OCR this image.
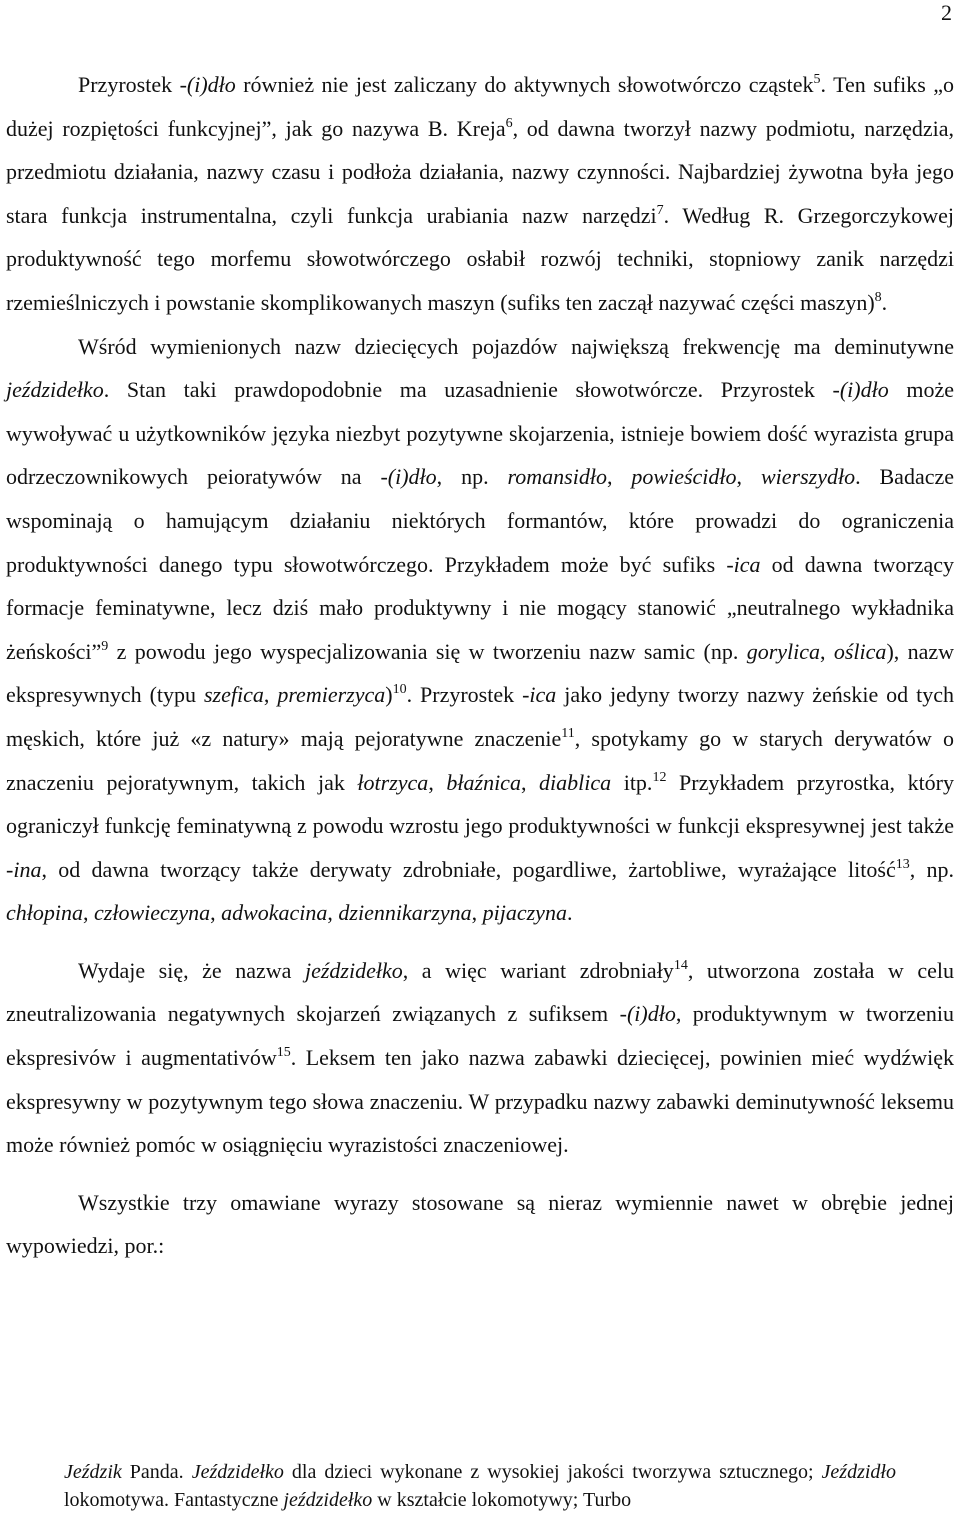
2

Przyrostek -(i)dło również nie jest zaliczany do aktywnych słowotwórczo cząstek$^5$. Ten sufiks „o dużej rozpiętości funkcyjnej”, jak go nazywa B. Kreja$^6$, od dawna tworzył nazwy podmiotu, narzędzia, przedmiotu działania, nazwy czasu i podłoża działania, nazwy czynności. Najbardziej żywotna była jego stara funkcja instrumentalna, czyli funkcja urabiania nazw narzędzi$^7$. Według R. Grzegorczykowej produktywność tego morfemu słowotwórczego osłabił rozwój techniki, stopniowy zanik narzędzi rzemieślniczych i powstanie skomplikowanych maszyn (sufiks ten zaczął nazywać części maszyn)$^8$.

Wśród wymienionych nazw dziecięcych pojazdów największą frekwencję ma deminutywne jeździdełko. Stan taki prawdopodobnie ma uzasadnienie słowotwórcze. Przyrostek -(i)dło może wywoływać u użytkowników języka niezbyt pozytywne skojarzenia, istnieje bowiem dość wyrazista grupa odrzeczownikowych peioratywów na -(i)dło, np. romansidło, powieścidło, wierszydło. Badacze wspominają o hamującym działaniu niektórych formantów, które prowadzi do ograniczenia produktywności danego typu słowotwórczego. Przykładem może być sufiks -ica od dawna tworzący formacje feminatywne, lecz dziś mało produktywny i nie mogący stanowić „neutralnego wykładnika żeńskości”$^9$ z powodu jego wyspecjalizowania się w tworzeniu nazw samic (np. gorylica, oślica), nazw ekspresywnych (typu szefica, premierzyca)$^{10}$. Przyrostek -ica jako jedyny tworzy nazwy żeńskie od tych męskich, które już «z natury» mają pejoratywne znaczenie$^{11}$, spotykamy go w starych derywatów o znaczeniu pejoratywnym, takich jak łotrzyca, błaźnica, diablica itp.$^{12}$ Przykładem przyrostka, który ograniczył funkcję feminatywną z powodu wzrostu jego produktywności w funkcji ekspresywnej jest także -ina, od dawna tworzący także derywaty zdrobniałe, pogardliwe, żartobliwe, wyrażające litość$^{13}$, np. chłopina, człowieczyna, adwokacina, dziennikarzyna, pijaczyna.

Wydaje się, że nazwa jeździdełko, a więc wariant zdrobniały$^{14}$, utworzona została w celu zneutralizowania negatywnych skojarzeń związanych z sufiksem -(i)dło, produktywnym w tworzeniu ekspresivów i augmentativów$^{15}$. Leksem ten jako nazwa zabawki dziecięcej, powinien mieć wydźwięk ekspresywny w pozytywnym tego słowa znaczeniu. W przypadku nazwy zabawki deminutywność leksemu może również pomóc w osiągnięciu wyrazistości znaczeniowej.

Wszystkie trzy omawiane wyrazy stosowane są nieraz wymiennie nawet w obrębie jednej wypowiedzi, por.:

Jeździk Panda. Jeździdełko dla dzieci wykonane z wysokiej jakości tworzywa sztucznego; Jeździdło lokomotywa. Fantastyczne jeździdełko w kształcie lokomotywy; Turbo
